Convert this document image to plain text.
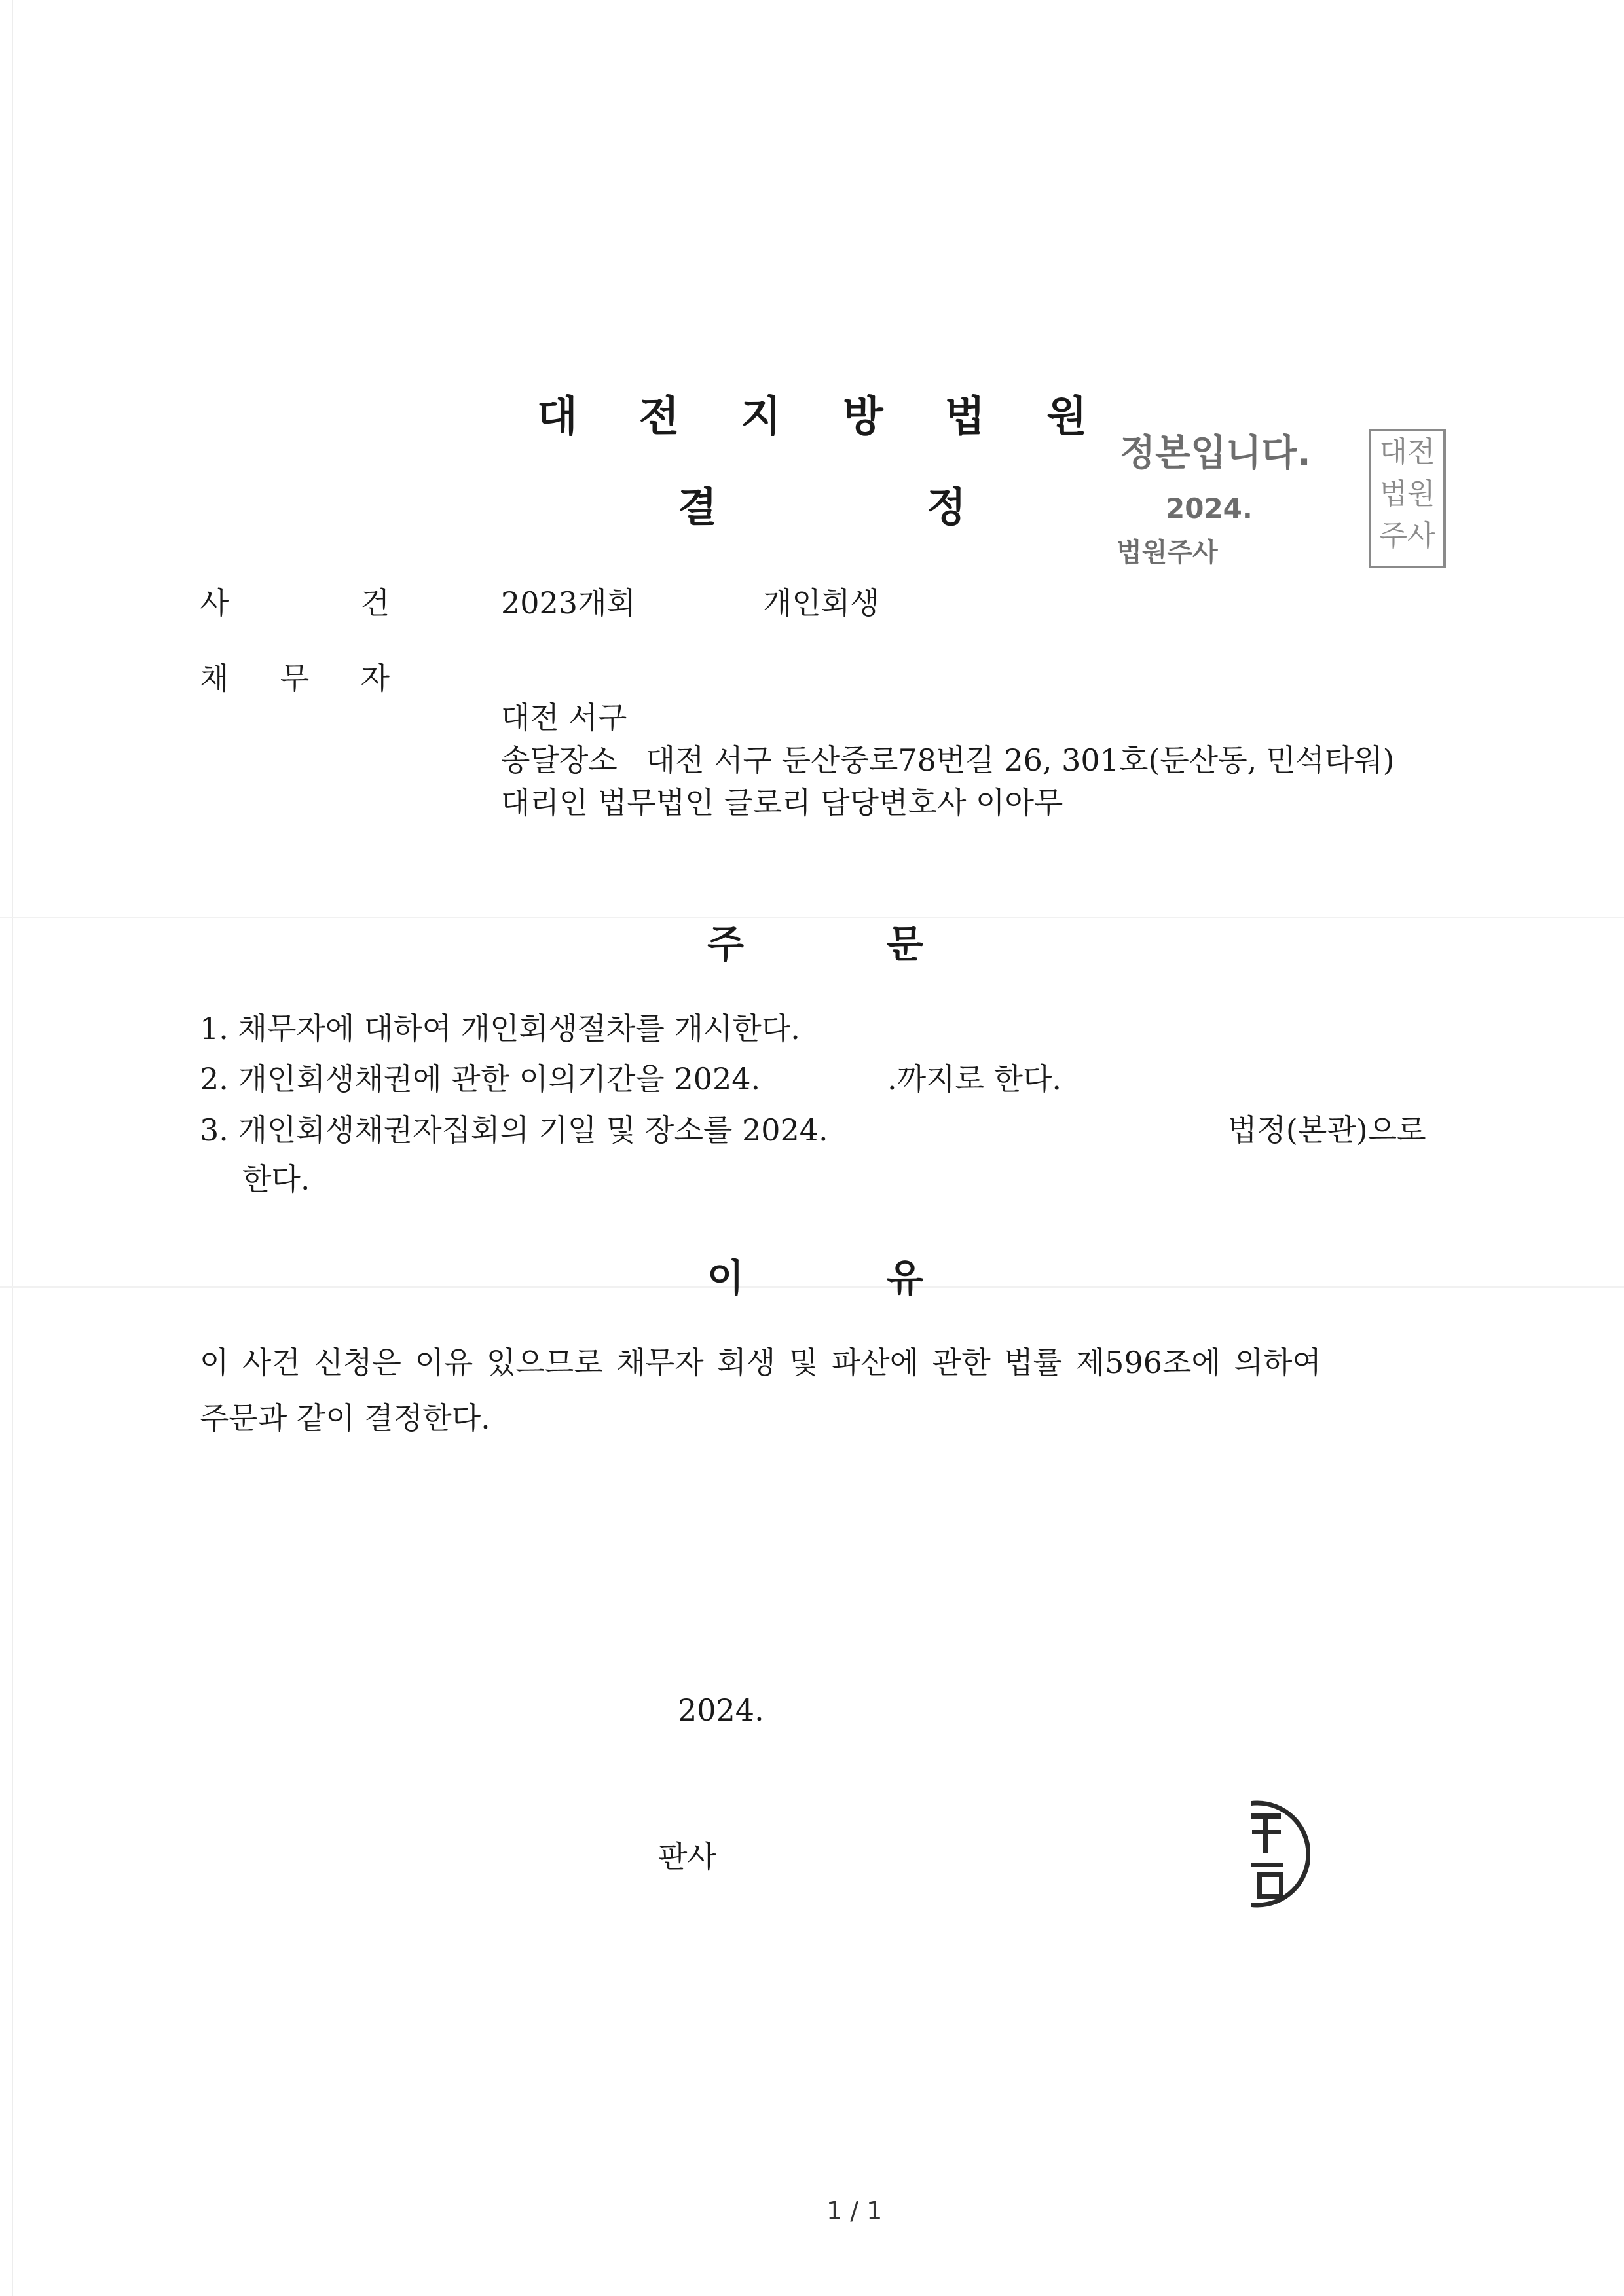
대 전 지 방 법 원
결	정
정본입니다.
2024.
법원주사
대전
법원
주사
사	건	2023개회	개인회생
채 무 자
대전 서구
송달장소   대전 서구 둔산중로78번길 26, 301호(둔산동, 민석타워)
대리인 법무법인 글로리 담당변호사 이아무
주	문
1. 채무자에 대하여 개인회생절차를 개시한다.
2. 개인회생채권에 관한 이의기간을 2024.	.까지로 한다.
3. 개인회생채권자집회의 기일 및 장소를 2024.	법정(본관)으로
한다.
이	유
이 사건 신청은 이유 있으므로 채무자 회생 및 파산에 관한 법률 제596조에 의하여
주문과 같이 결정한다.
2024.
판사
1 / 1
